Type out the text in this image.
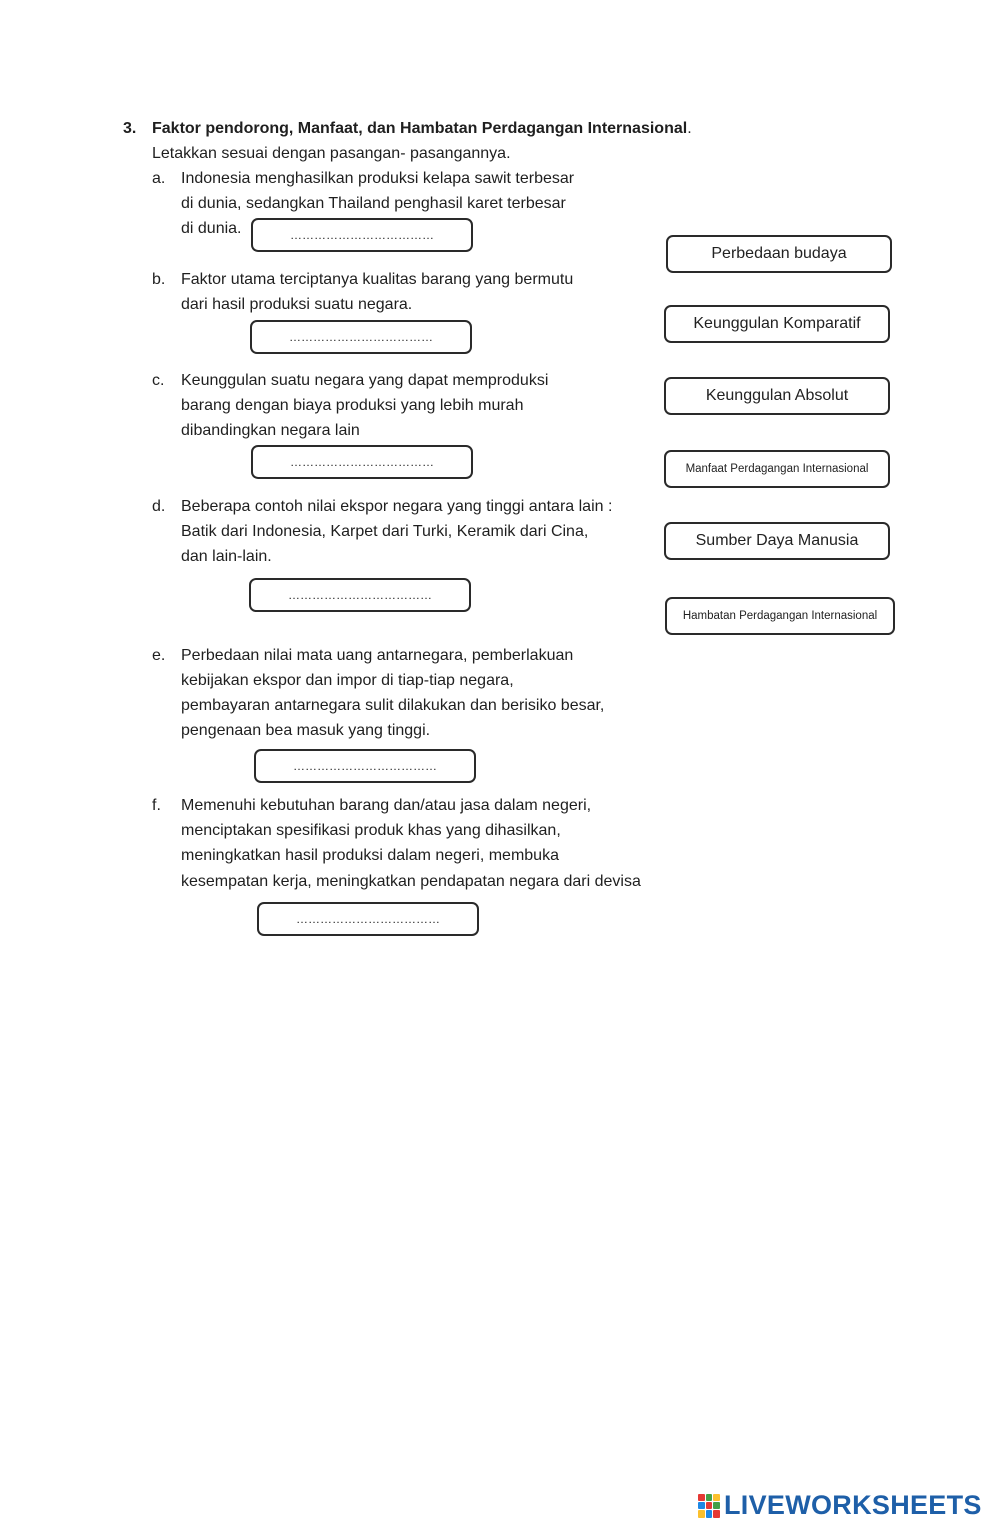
3. Faktor pendorong, Manfaat, dan Hambatan Perdagangan Internasional.
Letakkan sesuai dengan pasangan- pasangannya.
a. Indonesia menghasilkan produksi kelapa sawit terbesar
di dunia, sedangkan Thailand penghasil karet terbesar
di dunia.	………………………………
b. Faktor utama terciptanya kualitas barang yang bermutu
dari hasil produksi suatu negara.
………………………………
c. Keunggulan suatu negara yang dapat memproduksi
barang dengan biaya produksi yang lebih murah
dibandingkan negara lain
………………………………
d. Beberapa contoh nilai ekspor negara yang tinggi antara lain :
Batik dari Indonesia, Karpet dari Turki, Keramik dari Cina,
dan lain-lain.
………………………………
e. Perbedaan nilai mata uang antarnegara, pemberlakuan
kebijakan ekspor dan impor di tiap-tiap negara,
pembayaran antarnegara sulit dilakukan dan berisiko besar,
pengenaan bea masuk yang tinggi.
………………………………
f. Memenuhi kebutuhan barang dan/atau jasa dalam negeri,
menciptakan spesifikasi produk khas yang dihasilkan,
meningkatkan hasil produksi dalam negeri, membuka
kesempatan kerja, meningkatkan pendapatan negara dari devisa
………………………………
Perbedaan budaya
Keunggulan Komparatif
Keunggulan Absolut
Manfaat Perdagangan Internasional
Sumber Daya Manusia
Hambatan Perdagangan Internasional
LIVEWORKSHEETS
